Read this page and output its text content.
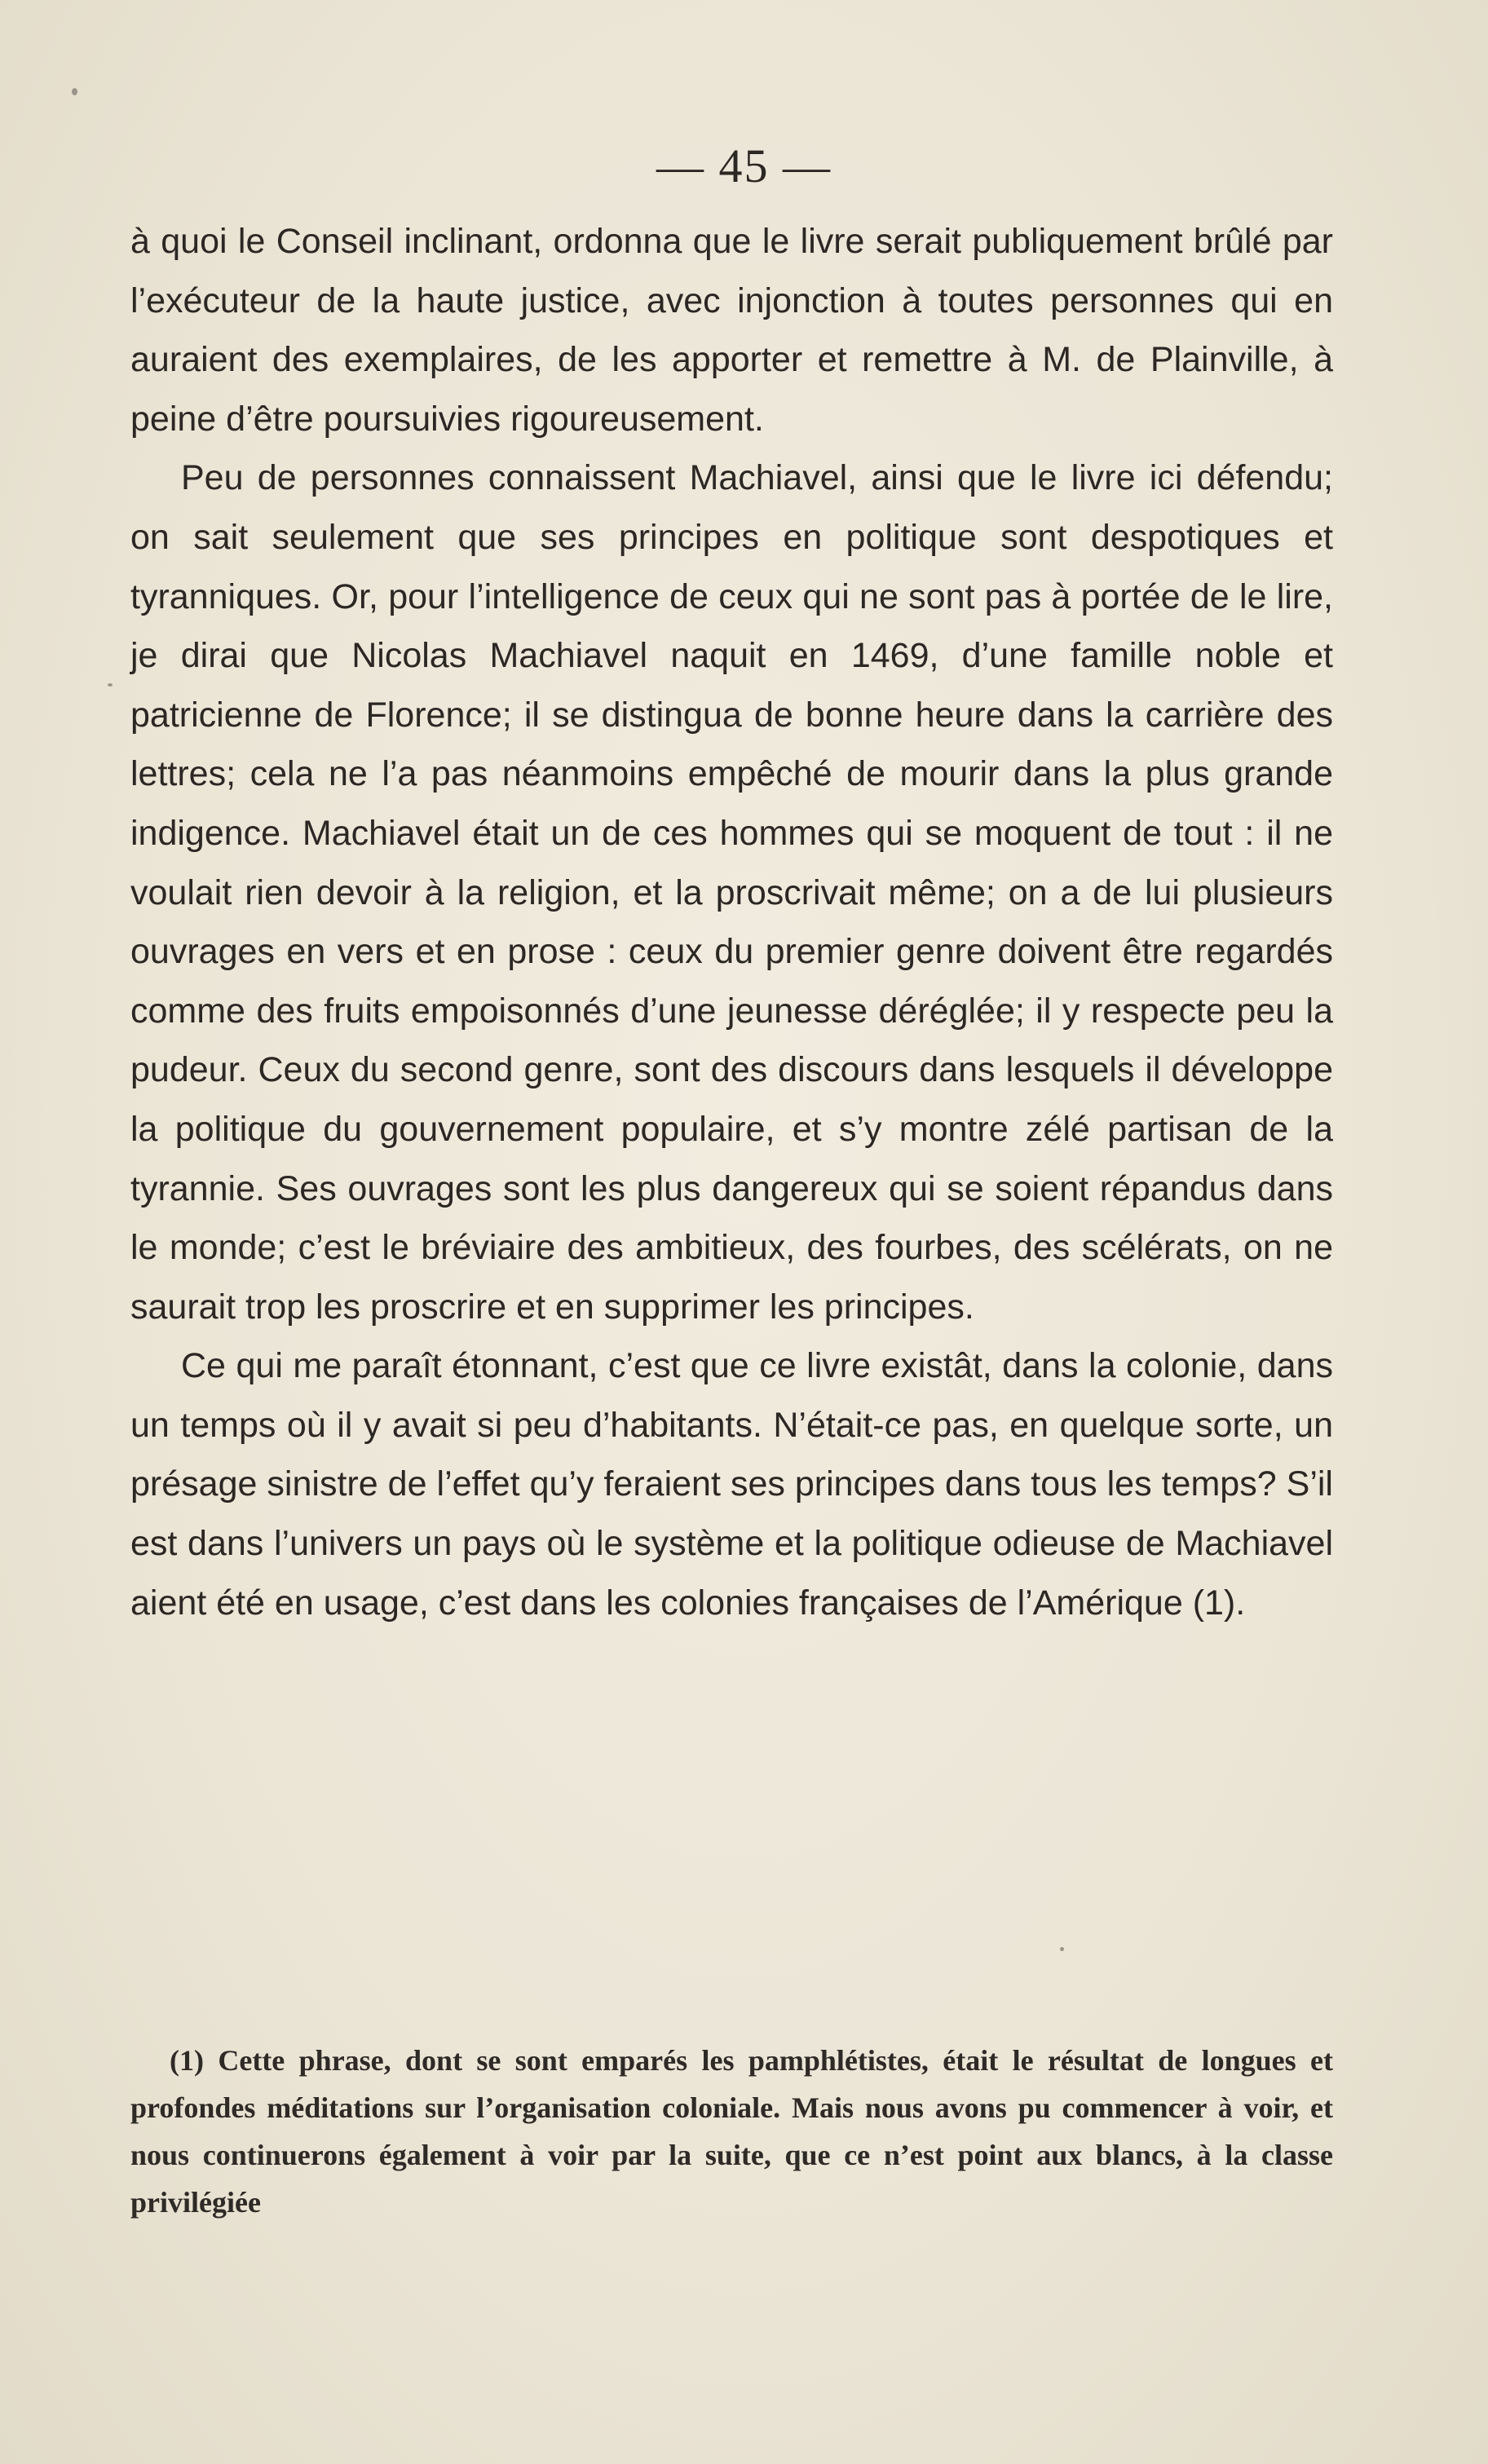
— 45 —

à quoi le Conseil inclinant, ordonna que le livre serait publiquement brûlé par l’exécuteur de la haute justice, avec injonction à toutes personnes qui en auraient des exemplaires, de les apporter et remettre à M. de Plainville, à peine d’être poursuivies rigoureusement.

Peu de personnes connaissent Machiavel, ainsi que le livre ici défendu; on sait seulement que ses principes en politique sont despotiques et tyranniques. Or, pour l’intelligence de ceux qui ne sont pas à portée de le lire, je dirai que Nicolas Machiavel naquit en 1469, d’une famille noble et patricienne de Florence; il se distingua de bonne heure dans la carrière des lettres; cela ne l’a pas néanmoins empêché de mourir dans la plus grande indigence. Machiavel était un de ces hommes qui se moquent de tout : il ne voulait rien devoir à la religion, et la proscrivait même; on a de lui plusieurs ouvrages en vers et en prose : ceux du premier genre doivent être regardés comme des fruits empoisonnés d’une jeunesse déréglée; il y respecte peu la pudeur. Ceux du second genre, sont des discours dans lesquels il développe la politique du gouvernement populaire, et s’y montre zélé partisan de la tyrannie. Ses ouvrages sont les plus dangereux qui se soient répandus dans le monde; c’est le bréviaire des ambitieux, des fourbes, des scélérats, on ne saurait trop les proscrire et en supprimer les principes.

Ce qui me paraît étonnant, c’est que ce livre existât, dans la colonie, dans un temps où il y avait si peu d’habitants. N’était-ce pas, en quelque sorte, un présage sinistre de l’effet qu’y feraient ses principes dans tous les temps? S’il est dans l’univers un pays où le système et la politique odieuse de Machiavel aient été en usage, c’est dans les colonies françaises de l’Amérique (1).

(1) Cette phrase, dont se sont emparés les pamphlétistes, était le résultat de longues et profondes méditations sur l’organisation coloniale. Mais nous avons pu commencer à voir, et nous continuerons également à voir par la suite, que ce n’est point aux blancs, à la classe privilégiée
